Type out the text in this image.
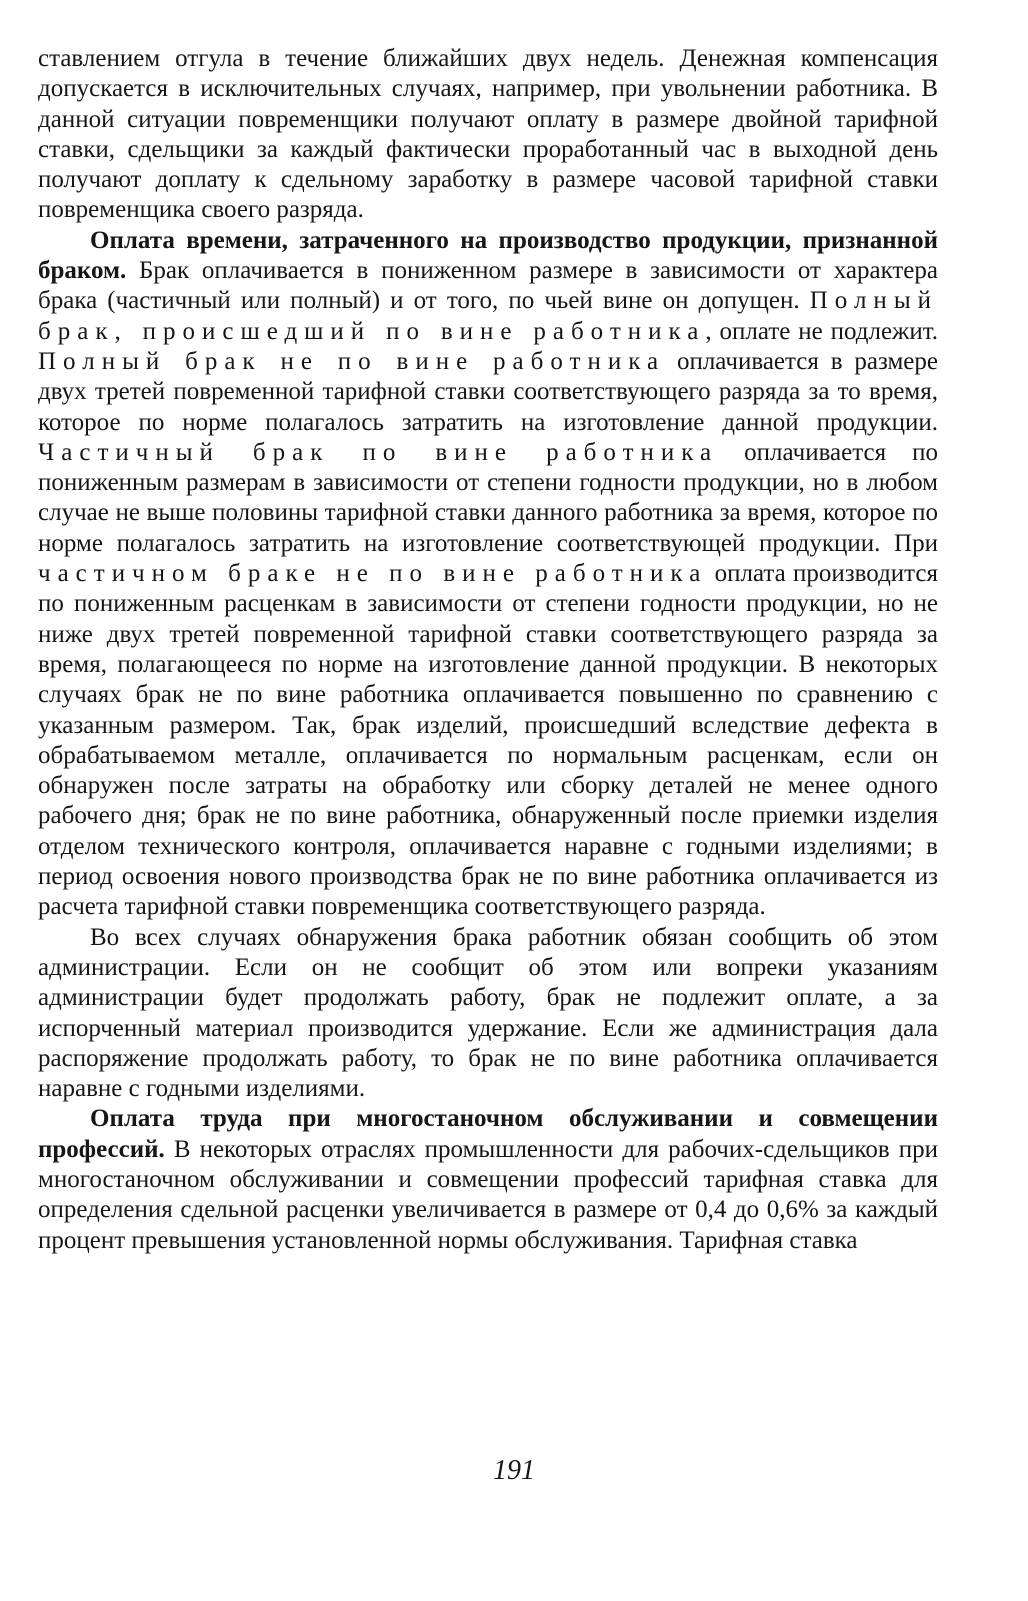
ставлением отгула в течение ближайших двух недель. Денежная компенсация допускается в исключительных случаях, например, при увольнении работника. В данной ситуации повременщики получают оплату в размере двойной тарифной ставки, сдельщики за каждый фактически проработанный час в выходной день получают доплату к сдельному заработку в размере часовой тарифной ставки повременщика своего разряда.

Оплата времени, затраченного на производство продукции, признанной браком. Брак оплачивается в пониженном размере в зависимости от характера брака (частичный или полный) и от того, по чьей вине он допущен. Полный брак, происшедший по вине работника, оплате не подлежит. Полный брак не по вине работника оплачивается в размере двух третей повременной тарифной ставки соответствующего разряда за то время, которое по норме полагалось затратить на изготовление данной продукции. Частичный брак по вине работника оплачивается по пониженным размерам в зависимости от степени годности продукции, но в любом случае не выше половины тарифной ставки данного работника за время, которое по норме полагалось затратить на изготовление соответствующей продукции. При частичном браке не по вине работника оплата производится по пониженным расценкам в зависимости от степени годности продукции, но не ниже двух третей повременной тарифной ставки соответствующего разряда за время, полагающееся по норме на изготовление данной продукции. В некоторых случаях брак не по вине работника оплачивается повышенно по сравнению с указанным размером. Так, брак изделий, происшедший вследствие дефекта в обрабатываемом металле, оплачивается по нормальным расценкам, если он обнаружен после затраты на обработку или сборку деталей не менее одного рабочего дня; брак не по вине работника, обнаруженный после приемки изделия отделом технического контроля, оплачивается наравне с годными изделиями; в период освоения нового производства брак не по вине работника оплачивается из расчета тарифной ставки повременщика соответствующего разряда.

Во всех случаях обнаружения брака работник обязан сообщить об этом администрации. Если он не сообщит об этом или вопреки указаниям администрации будет продолжать работу, брак не подлежит оплате, а за испорченный материал производится удержание. Если же администрация дала распоряжение продолжать работу, то брак не по вине работника оплачивается наравне с годными изделиями.

Оплата труда при многостаночном обслуживании и совмещении профессий. В некоторых отраслях промышленности для рабочих-сдельщиков при многостаночном обслуживании и совмещении профессий тарифная ставка для определения сдельной расценки увеличивается в размере от 0,4 до 0,6% за каждый процент превышения установленной нормы обслуживания. Тарифная ставка

191
